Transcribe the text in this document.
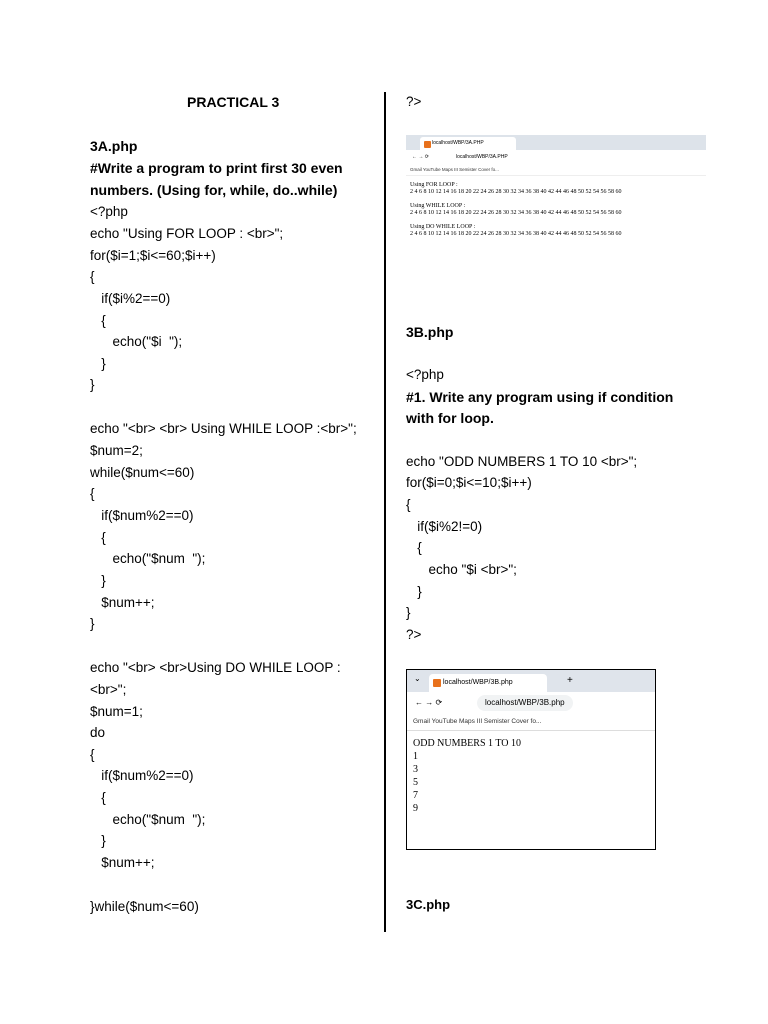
PRACTICAL 3
3A.php
#Write a program to print first 30 even
numbers. (Using for, while, do..while)
<?php
echo "Using FOR LOOP : <br>";
for($i=1;$i<=60;$i++)
{
if($i%2==0)
{
echo("$i  ");
}
}
echo "<br> <br> Using WHILE LOOP :<br>";
$num=2;
while($num<=60)
{
if($num%2==0)
{
echo("$num  ");
}
$num++;
}
echo "<br> <br>Using DO WHILE LOOP :
<br>";
$num=1;
do
{
if($num%2==0)
{
echo("$num  ");
}
$num++;
}while($num<=60)
?>
localhost/WBP/3A.PHP
← → ⟳	localhost/WBP/3A.PHP
Gmail YouTube Maps III Semister Cover fo...
Using FOR LOOP :
2 4 6 8 10 12 14 16 18 20 22 24 26 28 30 32 34 36 38 40 42 44 46 48 50 52 54 56 58 60

Using WHILE LOOP :
2 4 6 8 10 12 14 16 18 20 22 24 26 28 30 32 34 36 38 40 42 44 46 48 50 52 54 56 58 60

Using DO WHILE LOOP :
2 4 6 8 10 12 14 16 18 20 22 24 26 28 30 32 34 36 38 40 42 44 46 48 50 52 54 56 58 60
3B.php
<?php
#1. Write any program using if condition
with for loop.
echo "ODD NUMBERS 1 TO 10 <br>";
for($i=0;$i<=10;$i++)
{
if($i%2!=0)
{
echo "$i <br>";
}
}
?>
⌄	localhost/WBP/3B.php	+
← → ⟳	localhost/WBP/3B.php
Gmail YouTube Maps III Semister Cover fo...
ODD NUMBERS 1 TO 10
1
3
5
7
9
3C.php
